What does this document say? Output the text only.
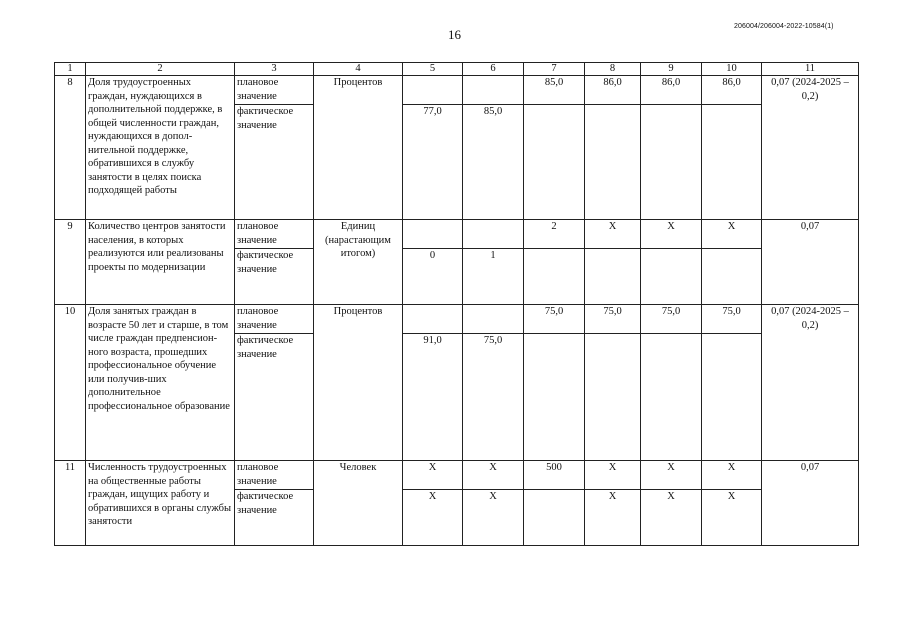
206004/206004-2022-10584(1)
16
1	2	3	4	5	6	7	8	9	10	11
8	Доля трудоустроенных граждан, нуждающихся в дополнительной поддержке, в общей численности граждан, нуждающихся в допол-нительной поддержке, обратившихся в службу занятости в целях поиска подходящей работы	плановое значение	Процентов			85,0	86,0	86,0	86,0	0,07 (2024-2025 – 0,2)
		фактическое значение		77,0	85,0					
9	Количество центров занятости населения, в которых реализуются или реализованы проекты по модернизации	плановое значение	Единиц (нарастающим итогом)			2	X	X	X	0,07
		фактическое значение		0	1					
10	Доля занятых граждан в возрасте 50 лет и старше, в том числе граждан предпенсион-ного возраста, прошедших профессиональное обучение или получив-ших дополнительное профессиональное образование	плановое значение	Процентов			75,0	75,0	75,0	75,0	0,07 (2024-2025 – 0,2)
		фактическое значение		91,0	75,0					
11	Численность трудоустроенных на общественные работы граждан, ищущих работу и обратившихся в органы службы занятости	плановое значение	Человек	X	X	500	X	X	X	0,07
		фактическое значение		X	X		X	X	X	
